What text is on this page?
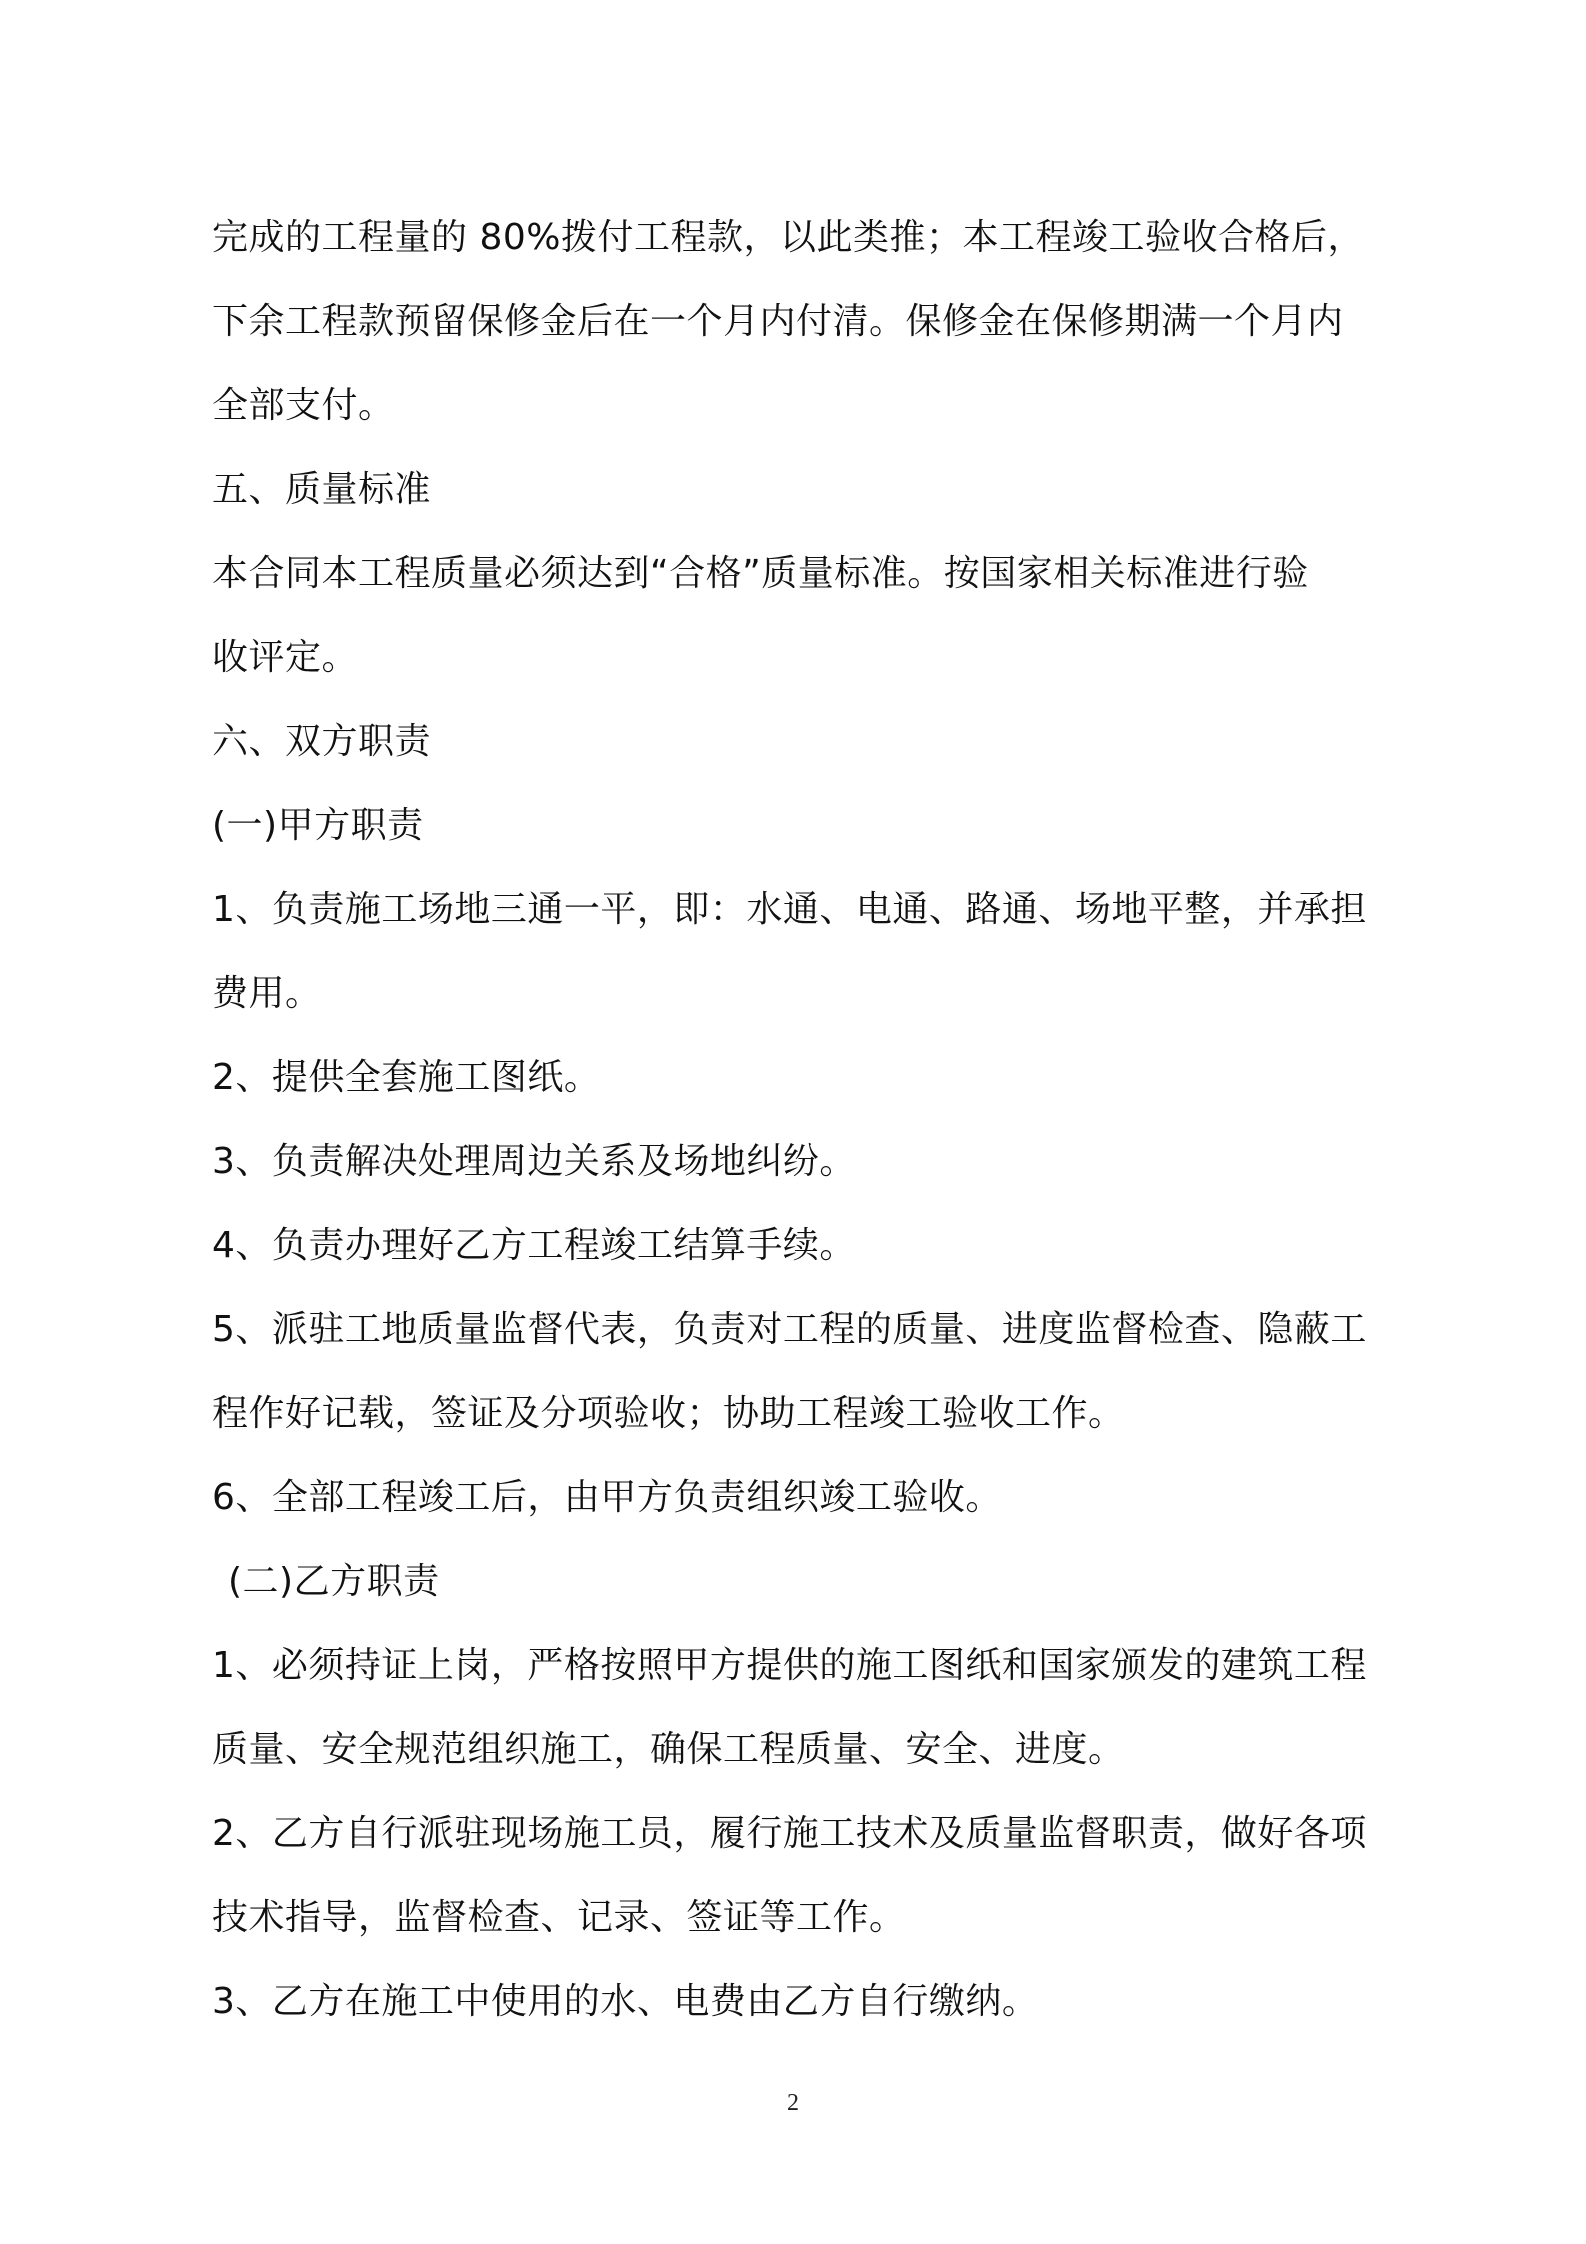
完成的工程量的 80%拨付工程款，以此类推；本工程竣工验收合格后，

下余工程款预留保修金后在一个月内付清。保修金在保修期满一个月内

全部支付。

五、质量标准

本合同本工程质量必须达到“合格”质量标准。按国家相关标准进行验

收评定。

六、双方职责

(一)甲方职责

1、负责施工场地三通一平，即：水通、电通、路通、场地平整，并承担

费用。

2、提供全套施工图纸。

3、负责解决处理周边关系及场地纠纷。

4、负责办理好乙方工程竣工结算手续。

5、派驻工地质量监督代表，负责对工程的质量、进度监督检查、隐蔽工

程作好记载，签证及分项验收；协助工程竣工验收工作。

6、全部工程竣工后，由甲方负责组织竣工验收。

(二)乙方职责

1、必须持证上岗，严格按照甲方提供的施工图纸和国家颁发的建筑工程

质量、安全规范组织施工，确保工程质量、安全、进度。

2、乙方自行派驻现场施工员，履行施工技术及质量监督职责，做好各项

技术指导，监督检查、记录、签证等工作。

3、乙方在施工中使用的水、电费由乙方自行缴纳。

2
